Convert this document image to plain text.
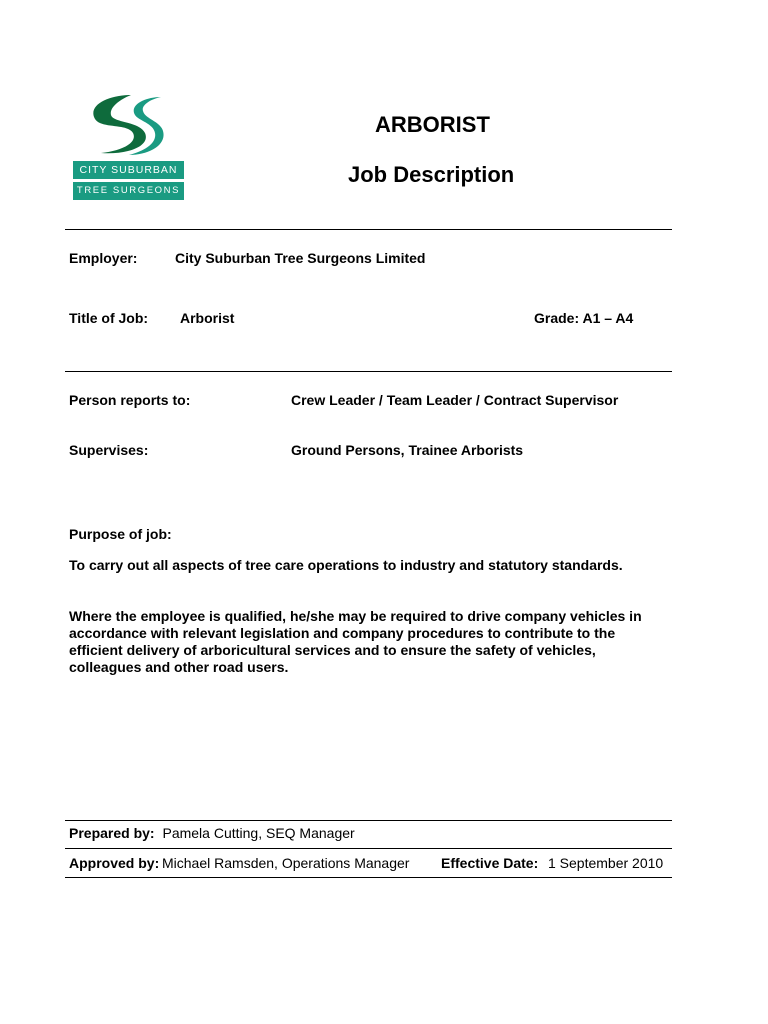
CITY SUBURBAN
TREE SURGEONS
ARBORIST
Job Description
Employer:	City Suburban Tree Surgeons Limited
Title of Job: Arborist	Grade: A1 – A4
Person reports to:	Crew Leader / Team Leader / Contract Supervisor
Supervises:	Ground Persons, Trainee Arborists
Purpose of job:
To carry out all aspects of tree care operations to industry and statutory standards.
Where the employee is qualified, he/she may be required to drive company vehicles in accordance with relevant legislation and company procedures to contribute to the efficient delivery of arboricultural services and to ensure the safety of vehicles, colleagues and other road users.
Prepared by: Pamela Cutting, SEQ Manager
Approved by: Michael Ramsden, Operations Manager Effective Date: 1 September 2010
